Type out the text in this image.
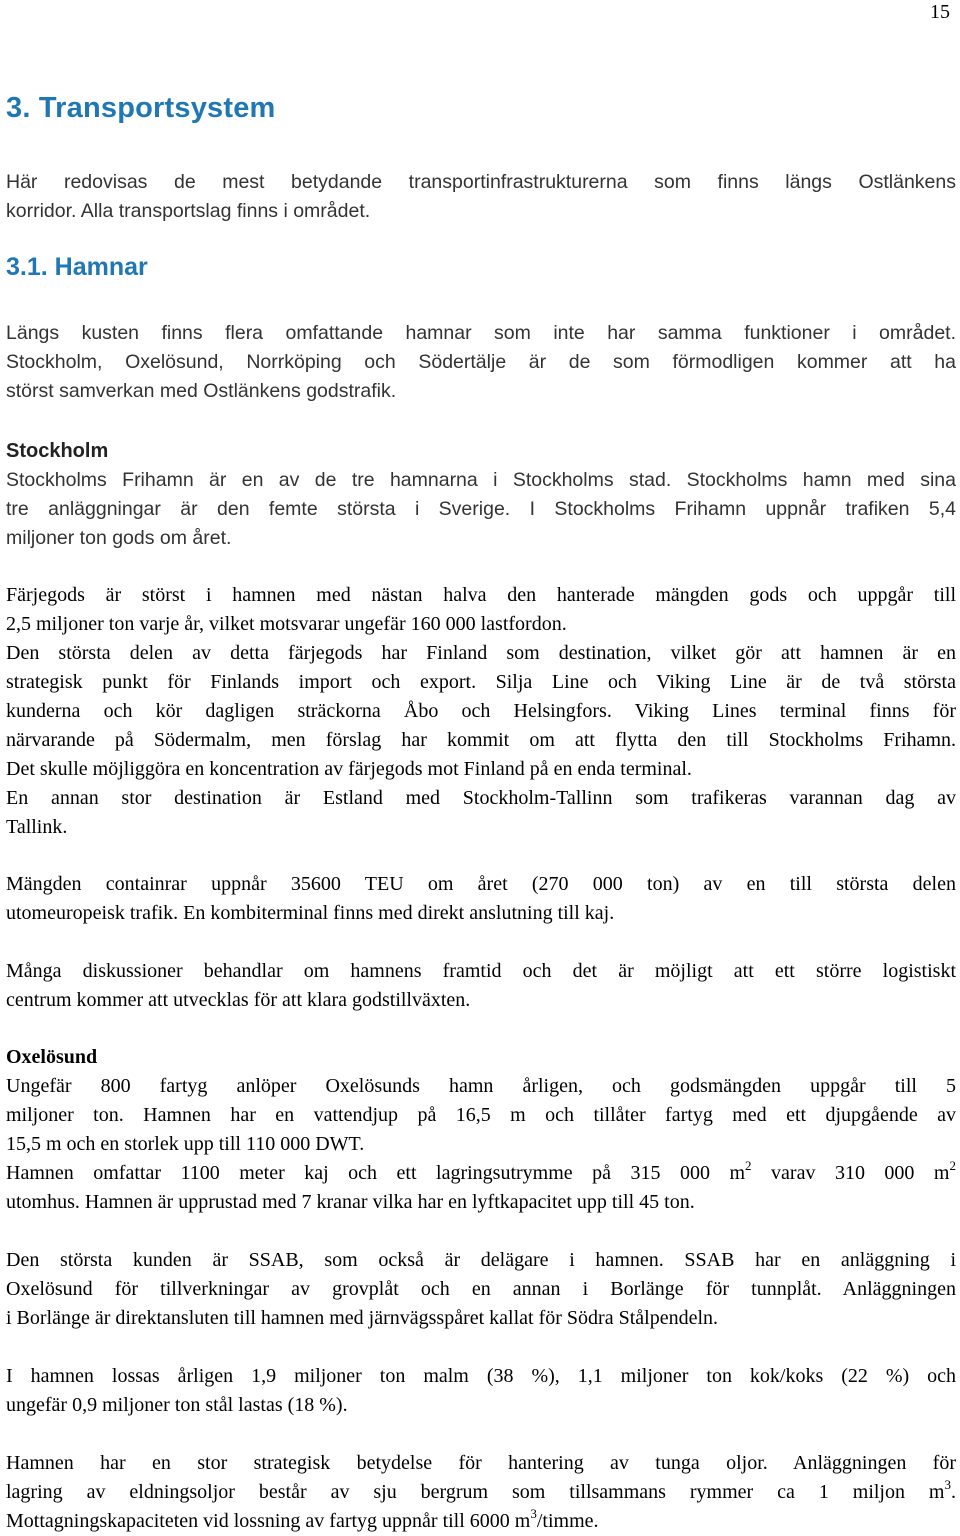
15
3. Transportsystem
Här redovisas de mest betydande transportinfrastrukturerna som finns längs Ostlänkens
korridor. Alla transportslag finns i området.
3.1. Hamnar
Längs kusten finns flera omfattande hamnar som inte har samma funktioner i området.
Stockholm, Oxelösund, Norrköping och Södertälje är de som förmodligen kommer att ha
störst samverkan med Ostlänkens godstrafik.
Stockholm
Stockholms Frihamn är en av de tre hamnarna i Stockholms stad. Stockholms hamn med sina
tre anläggningar är den femte största i Sverige. I Stockholms Frihamn uppnår trafiken 5,4
miljoner ton gods om året.
Färjegods är störst i hamnen med nästan halva den hanterade mängden gods och uppgår till
2,5 miljoner ton varje år, vilket motsvarar ungefär 160 000 lastfordon.
Den största delen av detta färjegods har Finland som destination, vilket gör att hamnen är en
strategisk punkt för Finlands import och export. Silja Line och Viking Line är de två största
kunderna och kör dagligen sträckorna Åbo och Helsingfors. Viking Lines terminal finns för
närvarande på Södermalm, men förslag har kommit om att flytta den till Stockholms Frihamn.
Det skulle möjliggöra en koncentration av färjegods mot Finland på en enda terminal.
En annan stor destination är Estland med Stockholm-Tallinn som trafikeras varannan dag av
Tallink.
Mängden containrar uppnår 35600 TEU om året (270 000 ton) av en till största delen
utomeuropeisk trafik. En kombiterminal finns med direkt anslutning till kaj.
Många diskussioner behandlar om hamnens framtid och det är möjligt att ett större logistiskt
centrum kommer att utvecklas för att klara godstillväxten.
Oxelösund
Ungefär 800 fartyg anlöper Oxelösunds hamn årligen, och godsmängden uppgår till 5
miljoner ton. Hamnen har en vattendjup på 16,5 m och tillåter fartyg med ett djupgående av
15,5 m och en storlek upp till 110 000 DWT.
Hamnen omfattar 1100 meter kaj och ett lagringsutrymme på 315 000 $m^2$ varav 310 000 $m^2$
utomhus. Hamnen är upprustad med 7 kranar vilka har en lyftkapacitet upp till 45 ton.
Den största kunden är SSAB, som också är delägare i hamnen. SSAB har en anläggning i
Oxelösund för tillverkningar av grovplåt och en annan i Borlänge för tunnplåt. Anläggningen
i Borlänge är direktansluten till hamnen med järnvägsspåret kallat för Södra Stålpendeln.
I hamnen lossas årligen 1,9 miljoner ton malm (38 %), 1,1 miljoner ton kok/koks (22 %) och
ungefär 0,9 miljoner ton stål lastas (18 %).
Hamnen har en stor strategisk betydelse för hantering av tunga oljor. Anläggningen för
lagring av eldningsoljor består av sju bergrum som tillsammans rymmer ca 1 miljon $m^3$.
Mottagningskapaciteten vid lossning av fartyg uppnår till 6000 $m^3$/timme.
